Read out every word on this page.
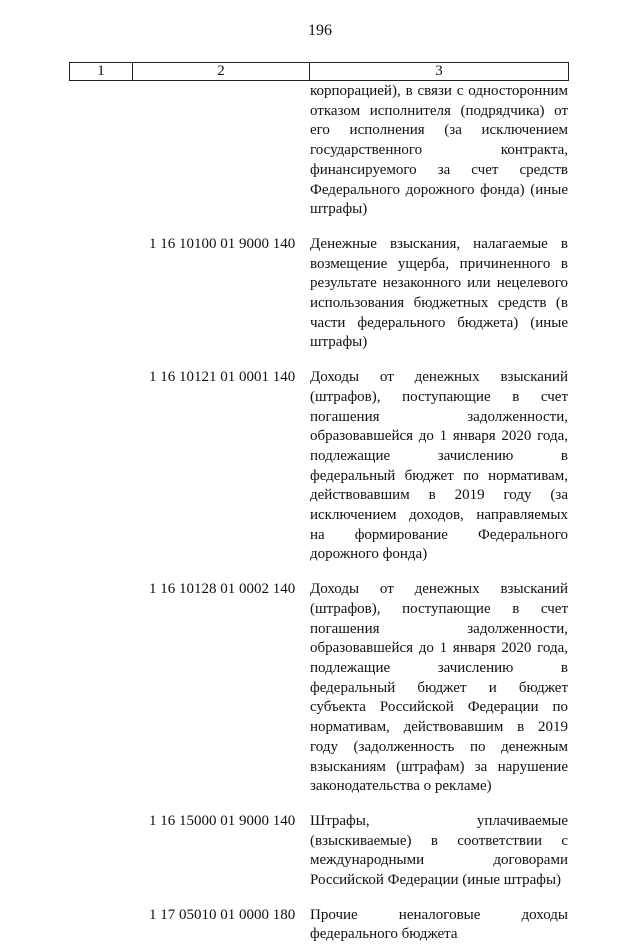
196
1	2	3
корпорацией), в связи с односторонним отказом исполнителя (подрядчика) от его исполнения (за исключением государственного контракта, финансируемого за счет средств Федерального дорожного фонда) (иные штрафы)
1 16 10100 01 9000 140 Денежные взыскания, налагаемые в возмещение ущерба, причиненного в результате незаконного или нецелевого использования бюджетных средств (в части федерального бюджета) (иные штрафы)
1 16 10121 01 0001 140 Доходы от денежных взысканий (штрафов), поступающие в счет погашения задолженности, образовавшейся до 1 января 2020 года, подлежащие зачислению в федеральный бюджет по нормативам, действовавшим в 2019 году (за исключением доходов, направляемых на формирование Федерального дорожного фонда)
1 16 10128 01 0002 140 Доходы от денежных взысканий (штрафов), поступающие в счет погашения задолженности, образовавшейся до 1 января 2020 года, подлежащие зачислению в федеральный бюджет и бюджет субъекта Российской Федерации по нормативам, действовавшим в 2019 году (задолженность по денежным взысканиям (штрафам) за нарушение законодательства о рекламе)
1 16 15000 01 9000 140 Штрафы, уплачиваемые (взыскиваемые) в соответствии с международными договорами Российской Федерации (иные штрафы)
1 17 05010 01 0000 180 Прочие неналоговые доходы федерального бюджета
